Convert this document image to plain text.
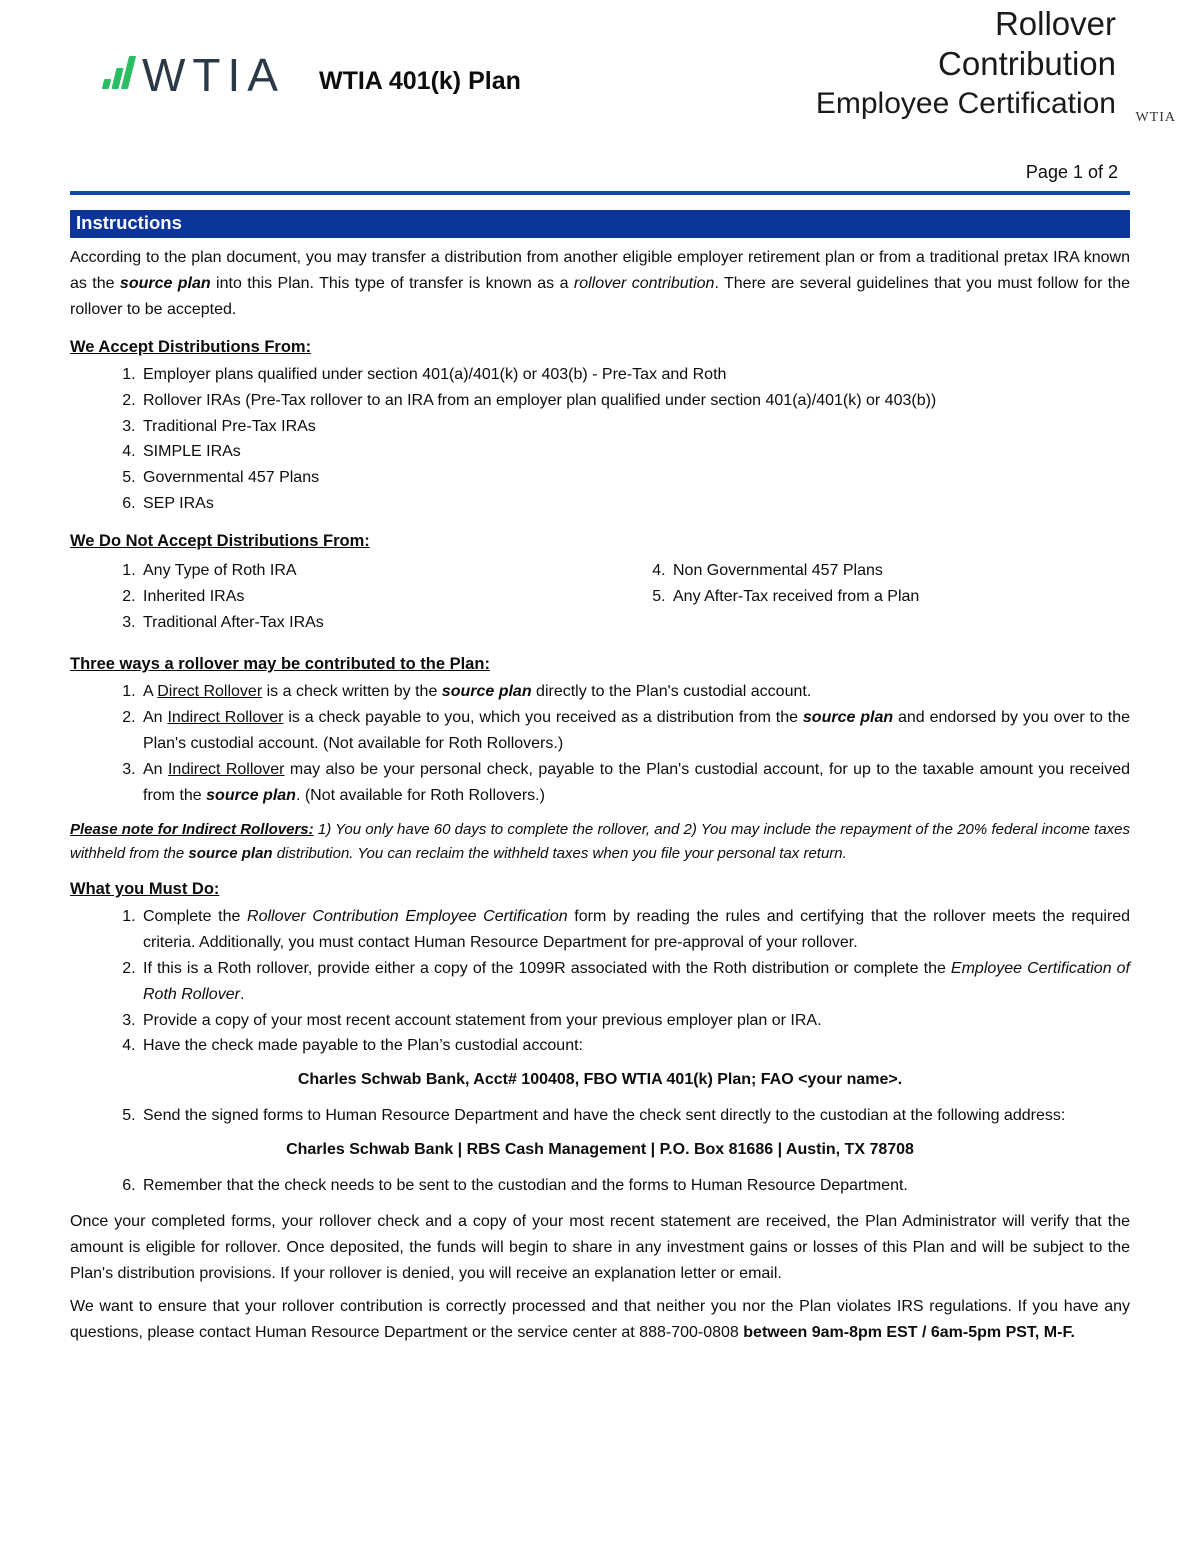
WTIA WTIA 401(k) Plan
Rollover
Contribution
Employee Certification WTIA
Page 1 of 2
Instructions

According to the plan document, you may transfer a distribution from another eligible employer retirement plan or from a traditional pretax IRA known as the source plan into this Plan. This type of transfer is known as a rollover contribution. There are several guidelines that you must follow for the rollover to be accepted.

We Accept Distributions From:
1. Employer plans qualified under section 401(a)/401(k) or 403(b) - Pre-Tax and Roth
2. Rollover IRAs (Pre-Tax rollover to an IRA from an employer plan qualified under section 401(a)/401(k) or 403(b))
3. Traditional Pre-Tax IRAs
4. SIMPLE IRAs
5. Governmental 457 Plans
6. SEP IRAs
We Do Not Accept Distributions From:
1. Any Type of Roth IRA
2. Inherited IRAs
3. Traditional After-Tax IRAs
4. Non Governmental 457 Plans
5. Any After-Tax received from a Plan
Three ways a rollover may be contributed to the Plan:
1. A Direct Rollover is a check written by the source plan directly to the Plan's custodial account.
2. An Indirect Rollover is a check payable to you, which you received as a distribution from the source plan and endorsed by you over to the Plan's custodial account. (Not available for Roth Rollovers.)
3. An Indirect Rollover may also be your personal check, payable to the Plan's custodial account, for up to the taxable amount you received from the source plan. (Not available for Roth Rollovers.)

Please note for Indirect Rollovers: 1) You only have 60 days to complete the rollover, and 2) You may include the repayment of the 20% federal income taxes withheld from the source plan distribution. You can reclaim the withheld taxes when you file your personal tax return.

What you Must Do:
1. Complete the Rollover Contribution Employee Certification form by reading the rules and certifying that the rollover meets the required criteria. Additionally, you must contact Human Resource Department for pre-approval of your rollover.
2. If this is a Roth rollover, provide either a copy of the 1099R associated with the Roth distribution or complete the Employee Certification of Roth Rollover.
3. Provide a copy of your most recent account statement from your previous employer plan or IRA.
4. Have the check made payable to the Plan’s custodial account:
Charles Schwab Bank, Acct# 100408, FBO WTIA 401(k) Plan; FAO <your name>.
5. Send the signed forms to Human Resource Department and have the check sent directly to the custodian at the following address:
Charles Schwab Bank | RBS Cash Management | P.O. Box 81686 | Austin, TX 78708
6. Remember that the check needs to be sent to the custodian and the forms to Human Resource Department.

Once your completed forms, your rollover check and a copy of your most recent statement are received, the Plan Administrator will verify that the amount is eligible for rollover. Once deposited, the funds will begin to share in any investment gains or losses of this Plan and will be subject to the Plan's distribution provisions. If your rollover is denied, you will receive an explanation letter or email.

We want to ensure that your rollover contribution is correctly processed and that neither you nor the Plan violates IRS regulations. If you have any questions, please contact Human Resource Department or the service center at 888-700-0808 between 9am-8pm EST / 6am-5pm PST, M-F.
